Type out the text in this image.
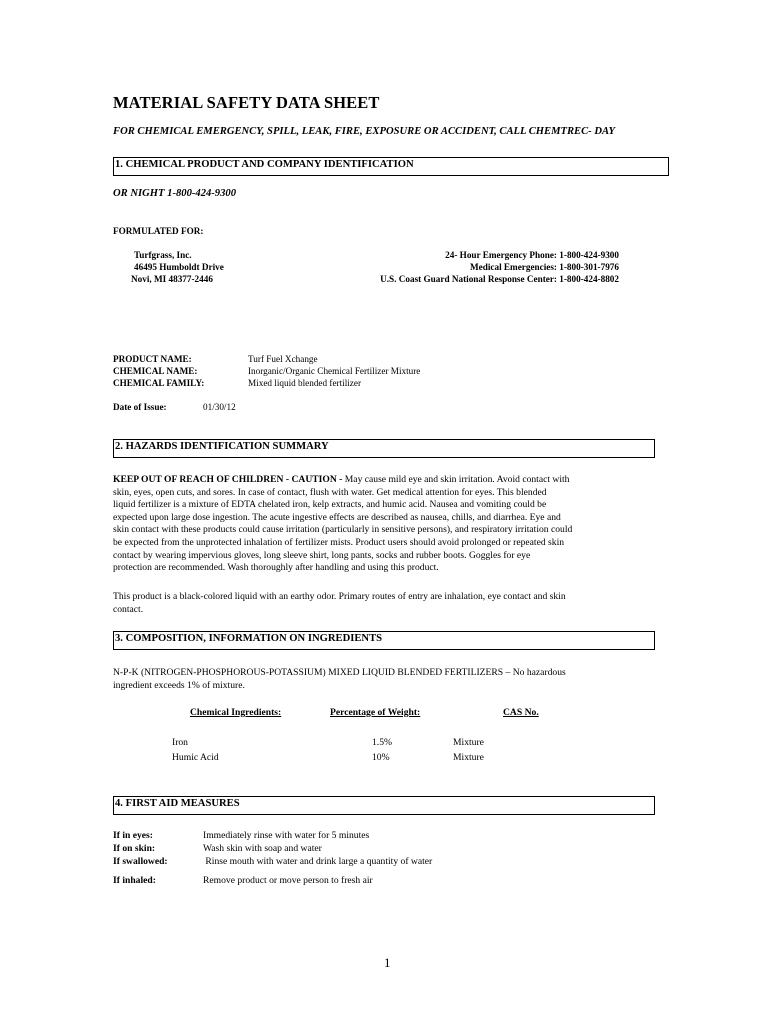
MATERIAL SAFETY DATA SHEET
FOR CHEMICAL EMERGENCY, SPILL, LEAK, FIRE, EXPOSURE OR ACCIDENT, CALL CHEMTREC- DAY
1. CHEMICAL PRODUCT AND COMPANY IDENTIFICATION
OR NIGHT 1-800-424-9300
FORMULATED FOR:
Turfgrass, Inc.
46495 Humboldt Drive
Novi, MI 48377-2446
24- Hour Emergency Phone: 1-800-424-9300
Medical Emergencies: 1-800-301-7976
U.S. Coast Guard National Response Center: 1-800-424-8802
PRODUCT NAME:	Turf Fuel Xchange
CHEMICAL NAME:	Inorganic/Organic Chemical Fertilizer Mixture
CHEMICAL FAMILY:	Mixed liquid blended fertilizer
Date of Issue:	01/30/12
2. HAZARDS IDENTIFICATION SUMMARY
KEEP OUT OF REACH OF CHILDREN - CAUTION - May cause mild eye and skin irritation. Avoid contact with
skin, eyes, open cuts, and sores. In case of contact, flush with water. Get medical attention for eyes. This blended
liquid fertilizer is a mixture of EDTA chelated iron, kelp extracts, and humic acid. Nausea and vomiting could be
expected upon large dose ingestion. The acute ingestive effects are described as nausea, chills, and diarrhea. Eye and
skin contact with these products could cause irritation (particularly in sensitive persons), and respiratory irritation could
be expected from the unprotected inhalation of fertilizer mists. Product users should avoid prolonged or repeated skin
contact by wearing impervious gloves, long sleeve shirt, long pants, socks and rubber boots. Goggles for eye
protection are recommended. Wash thoroughly after handling and using this product.
This product is a black-colored liquid with an earthy odor. Primary routes of entry are inhalation, eye contact and skin
contact.
3. COMPOSITION, INFORMATION ON INGREDIENTS
N-P-K (NITROGEN-PHOSPHOROUS-POTASSIUM) MIXED LIQUID BLENDED FERTILIZERS – No hazardous
ingredient exceeds 1% of mixture.
Chemical Ingredients:	Percentage of Weight:	CAS No.
Iron	1.5%	Mixture
Humic Acid	10%	Mixture
4. FIRST AID MEASURES
If in eyes:	Immediately rinse with water for 5 minutes
If on skin:	Wash skin with soap and water
If swallowed:	Rinse mouth with water and drink large a quantity of water
If inhaled:	Remove product or move person to fresh air
1
